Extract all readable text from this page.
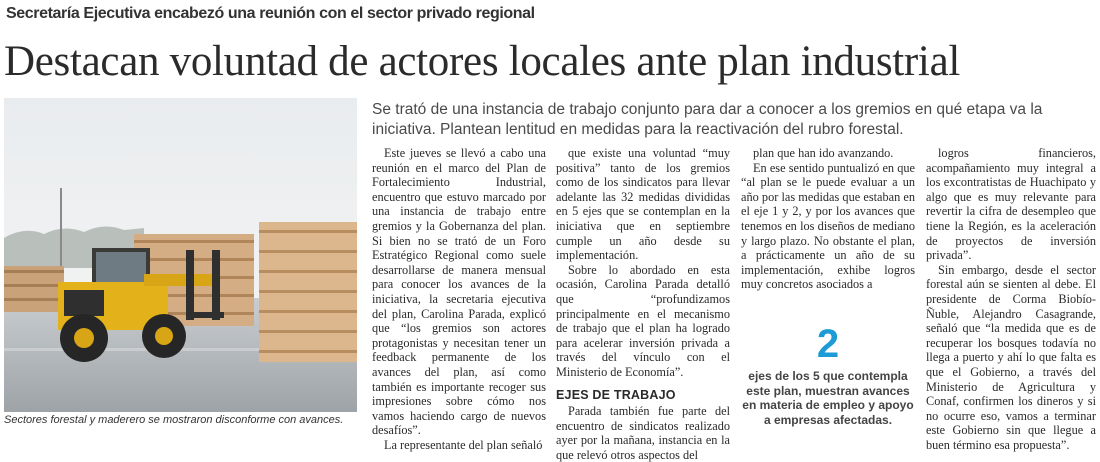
Secretaría Ejecutiva encabezó una reunión con el sector privado regional
Destacan voluntad de actores locales ante plan industrial
Sectores forestal y maderero se mostraron disconforme con avances.
Se trató de una instancia de trabajo conjunto para dar a conocer a los gremios en qué etapa va la iniciativa. Plantean lentitud en medidas para la reactivación del rubro forestal.

Este jueves se llevó a cabo una reunión en el marco del Plan de Fortalecimiento Industrial, encuentro que estuvo marcado por una instancia de trabajo entre gremios y la Gobernanza del plan. Si bien no se trató de un Foro Estratégico Regional como suele desarrollarse de manera mensual para conocer los avances de la iniciativa, la secretaria ejecutiva del plan, Carolina Parada, explicó que “los gremios son actores protagonistas y necesitan tener un feedback permanente de los avances del plan, así como también es importante recoger sus impresiones sobre cómo nos vamos haciendo cargo de nuevos desafíos”.

La representante del plan señaló

que existe una voluntad “muy positiva” tanto de los gremios como de los sindicatos para llevar adelante las 32 medidas divididas en 5 ejes que se contemplan en la iniciativa que en septiembre cumple un año desde su implementación.

Sobre lo abordado en esta ocasión, Carolina Parada detalló que “profundizamos principalmente en el mecanismo de trabajo que el plan ha logrado para acelerar inversión privada a través del vínculo con el Ministerio de Economía”.

EJES DE TRABAJO

Parada también fue parte del encuentro de sindicatos realizado ayer por la mañana, instancia en la que relevó otros aspectos del

plan que han ido avanzando.

En ese sentido puntualizó en que “al plan se le puede evaluar a un año por las medidas que estaban en el eje 1 y 2, y por los avances que tenemos en los diseños de mediano y largo plazo. No obstante el plan, a prácticamente un año de su implementación, exhibe logros muy concretos asociados a

2
ejes de los 5 que contempla este plan, muestran avances en materia de empleo y apoyo a empresas afectadas.

logros financieros, acompañamiento muy integral a los excontratistas de Huachipato y algo que es muy relevante para revertir la cifra de desempleo que tiene la Región, es la aceleración de proyectos de inversión privada”.

Sin embargo, desde el sector forestal aún se sienten al debe. El presidente de Corma Biobío-Ñuble, Alejandro Casagrande, señaló que “la medida que es de recuperar los bosques todavía no llega a puerto y ahí lo que falta es que el Gobierno, a través del Ministerio de Agricultura y Conaf, confirmen los dineros y si no ocurre eso, vamos a terminar este Gobierno sin que llegue a buen término esa propuesta”.
